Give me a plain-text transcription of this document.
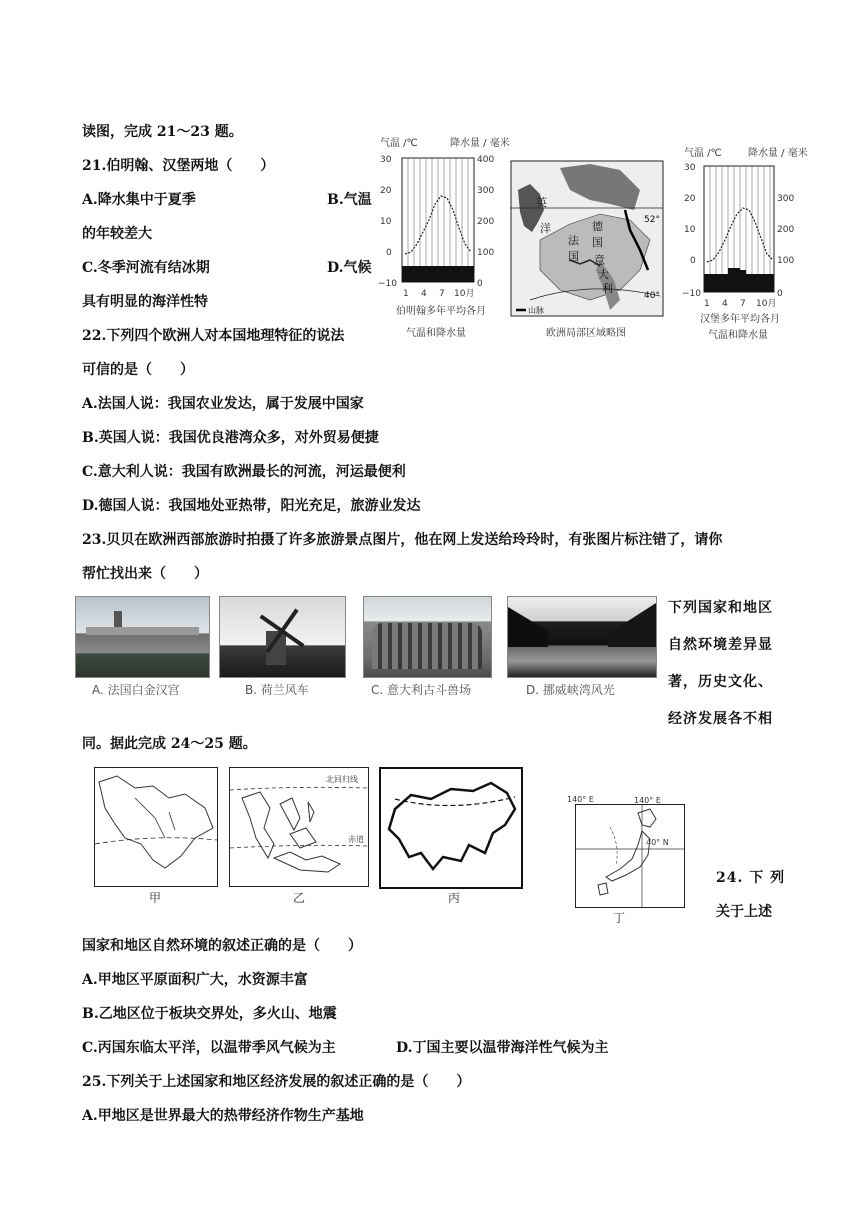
读图，完成 21～23 题。
21.伯明翰、汉堡两地（　　）
A.降水集中于夏季	B.气温
的年较差大
C.冬季河流有结冰期	D.气候
具有明显的海洋性特
22.下列四个欧洲人对本国地理特征的说法
可信的是（　　）
A.法国人说：我国农业发达，属于发展中国家
B.英国人说：我国优良港湾众多，对外贸易便捷
C.意大利人说：我国有欧洲最长的河流，河运最便利
D.德国人说：我国地处亚热带，阳光充足，旅游业发达
23.贝贝在欧洲西部旅游时拍摄了许多旅游景点图片，他在网上发送给玲玲时，有张图片标注错了，请你
帮忙找出来（　　）
气温 /℃	降水量 / 毫米
30
20
10
0
−10
400
300
200
100
0
1 4 7 10月
伯明翰多年平均各月
气温和降水量
英
洋
法
国
德
国
意
大
利
52°
40°
山脉
欧洲局部区域略图
气温 /℃	降水量 / 毫米
30
20
10
0
−10
300
200
100
0
1 4 7 10月
汉堡多年平均各月
气温和降水量
A. 法国白金汉宫	B. 荷兰风车	C. 意大利古斗兽场	D. 挪威峡湾风光
下列国家和地区
自然环境差异显
著，历史文化、
经济发展各不相
同。据此完成 24～25 题。
甲
北回归线
赤道
乙	丙
140° E
40° N
140° E
丁
24. 下 列
关于上述
国家和地区自然环境的叙述正确的是（　　）
A.甲地区平原面积广大，水资源丰富
B.乙地区位于板块交界处，多火山、地震
C.丙国东临太平洋，以温带季风气候为主	D.丁国主要以温带海洋性气候为主
25.下列关于上述国家和地区经济发展的叙述正确的是（　　）
A.甲地区是世界最大的热带经济作物生产基地
